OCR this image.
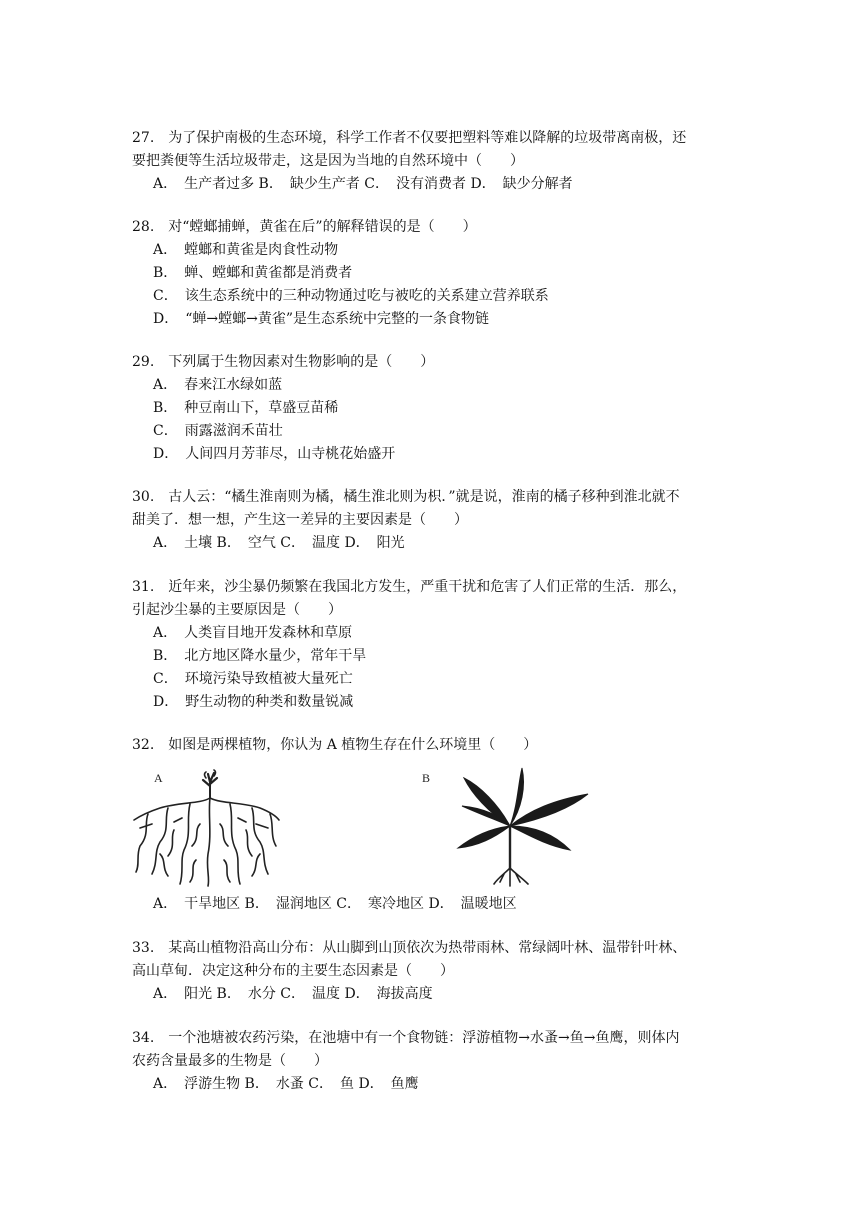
27.　为了保护南极的生态环境，科学工作者不仅要把塑料等难以降解的垃圾带离南极，还
要把粪便等生活垃圾带走，这是因为当地的自然环境中（　　）
A．　生产者过多 B．　缺少生产者 C．　没有消费者 D．　缺少分解者
28.　对“螳螂捕蝉，黄雀在后”的解释错误的是（　　）
A．　螳螂和黄雀是肉食性动物
B．　蝉、螳螂和黄雀都是消费者
C．　该生态系统中的三种动物通过吃与被吃的关系建立营养联系
D．　“蝉→螳螂→黄雀”是生态系统中完整的一条食物链
29.　下列属于生物因素对生物影响的是（　　）
A．　春来江水绿如蓝
B．　种豆南山下，草盛豆苗稀
C．　雨露滋润禾苗壮
D．　人间四月芳菲尽，山寺桃花始盛开
30.　古人云：“橘生淮南则为橘，橘生淮北则为枳．”就是说，淮南的橘子移种到淮北就不
甜美了．想一想，产生这一差异的主要因素是（　　）
A．　土壤 B．　空气 C．　温度 D．　阳光
31.　近年来，沙尘暴仍频繁在我国北方发生，严重干扰和危害了人们正常的生活．那么，
引起沙尘暴的主要原因是（　　）
A．　人类盲目地开发森林和草原
B．　北方地区降水量少，常年干旱
C．　环境污染导致植被大量死亡
D．　野生动物的种类和数量锐减
32.　如图是两棵植物，你认为 A 植物生存在什么环境里（　　）
A	B
A．　干旱地区 B．　湿润地区 C．　寒冷地区 D．　温暖地区
33.　某高山植物沿高山分布：从山脚到山顶依次为热带雨林、常绿阔叶林、温带针叶林、
高山草甸．决定这种分布的主要生态因素是（　　）
A．　阳光 B．　水分 C．　温度 D．　海拔高度
34.　一个池塘被农药污染，在池塘中有一个食物链：浮游植物→水蚤→鱼→鱼鹰，则体内
农药含量最多的生物是（　　）
A．　浮游生物 B．　水蚤 C．　鱼 D．　鱼鹰
